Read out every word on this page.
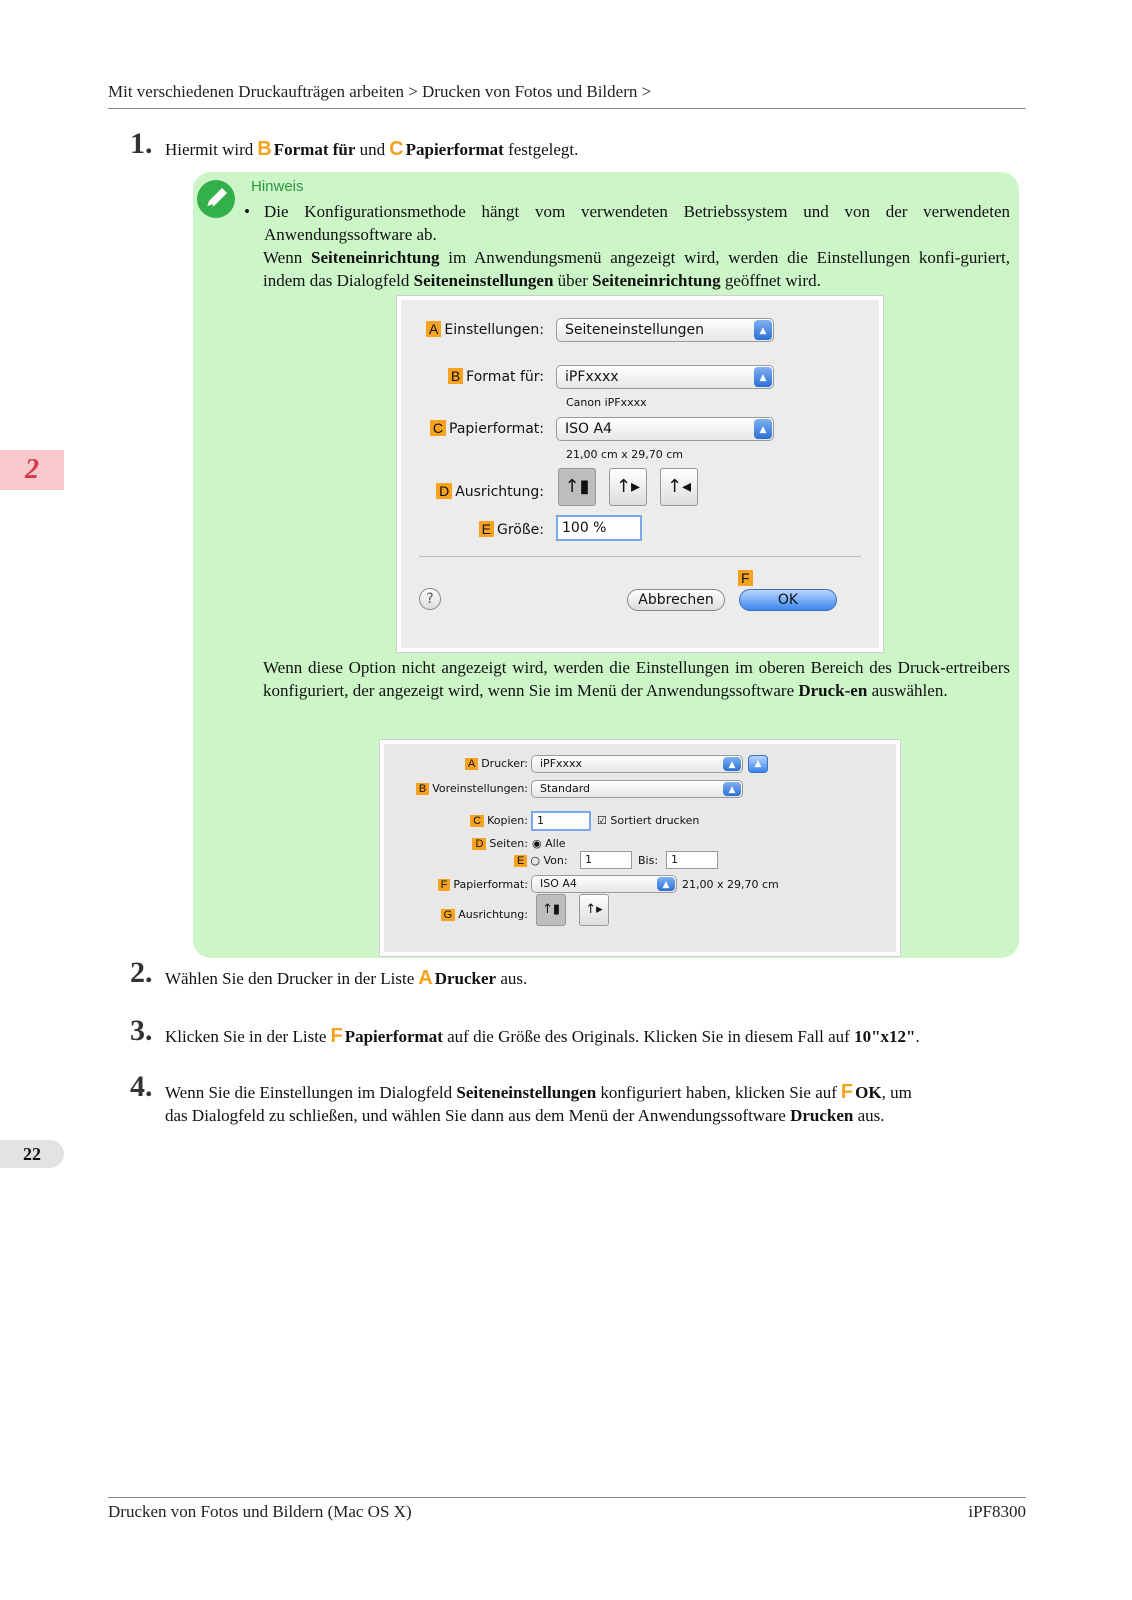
Mit verschiedenen Druckaufträgen arbeiten > Drucken von Fotos und Bildern >
2
22
1. Hiermit wird B Format für und C Papierformat festgelegt.
Hinweis
• Die Konfigurationsmethode hängt vom verwendeten Betriebssystem und von der verwendeten Anwendungssoftware ab.
Wenn Seiteneinrichtung im Anwendungsmenü angezeigt wird, werden die Einstellungen konfi-guriert, indem das Dialogfeld Seiteneinstellungen über Seiteneinrichtung geöffnet wird.
A Einstellungen:	Seiteneinstellungen	▲

B Format für:	iPFxxxx	▲
Canon iPFxxxx
C Papierformat:	ISO A4	▲
21,00 cm x 29,70 cm
D Ausrichtung:	↑▮	↑▸	↑◂
E Größe:	100 %
?
F
Abbrechen	OK
Wenn diese Option nicht angezeigt wird, werden die Einstellungen im oberen Bereich des Druck-ertreibers konfiguriert, der angezeigt wird, wenn Sie im Menü der Anwendungssoftware Druck-en auswählen.
A Drucker:	iPFxxxx	▲	▲
B Voreinstellungen:	Standard	▲
C Kopien: 1	☑ Sortiert drucken
D Seiten: ◉ Alle
E ○ Von:	1	Bis:	1
F Papierformat:	ISO A4	▲	21,00 x 29,70 cm
G Ausrichtung:	↑▮	↑▸
2. Wählen Sie den Drucker in der Liste A Drucker aus.
3. Klicken Sie in der Liste F Papierformat auf die Größe des Originals. Klicken Sie in diesem Fall auf 10"x12".
4. Wenn Sie die Einstellungen im Dialogfeld Seiteneinstellungen konfiguriert haben, klicken Sie auf F OK, um
das Dialogfeld zu schließen, und wählen Sie dann aus dem Menü der Anwendungssoftware Drucken aus.
Drucken von Fotos und Bildern (Mac OS X)	iPF8300
